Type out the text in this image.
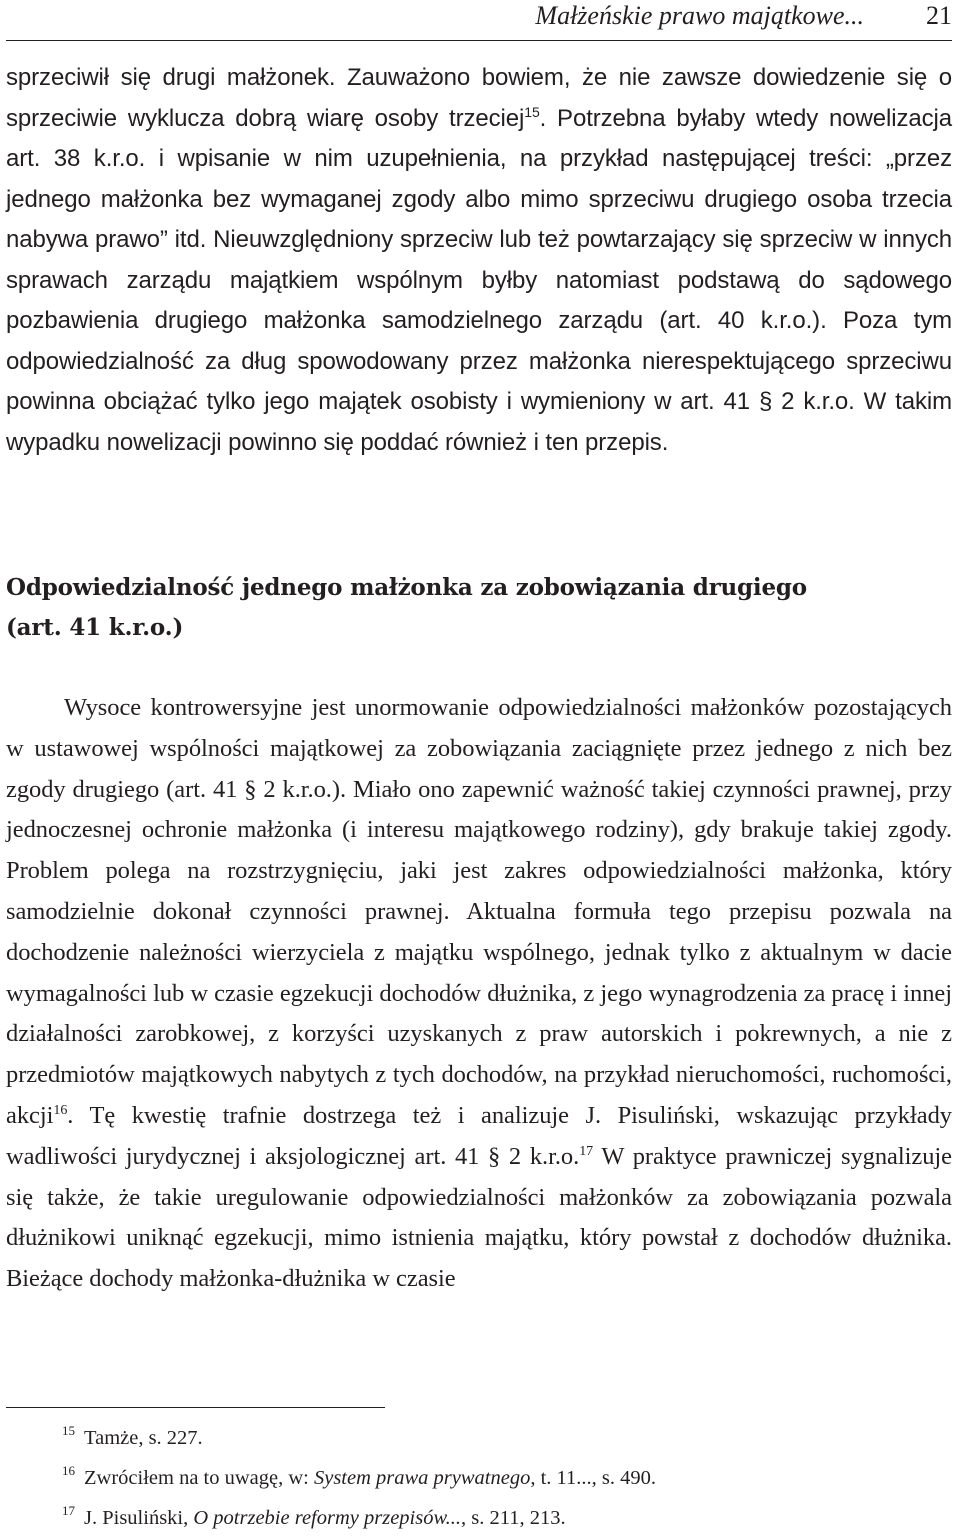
Małżeńskie prawo majątkowe... 21
sprzeciwił się drugi małżonek. Zauważono bowiem, że nie zawsze dowiedzenie się o sprzeciwie wyklucza dobrą wiarę osoby trzeciej$^{15}$. Potrzebna byłaby wtedy nowelizacja art. 38 k.r.o. i wpisanie w nim uzupełnienia, na przykład następującej treści: „przez jednego małżonka bez wymaganej zgody albo mimo sprzeciwu drugiego osoba trzecia nabywa prawo” itd. Nieuwzględniony sprzeciw lub też powtarzający się sprzeciw w innych sprawach zarządu majątkiem wspólnym byłby natomiast podstawą do sądowego pozbawienia drugiego małżonka samodzielnego zarządu (art. 40 k.r.o.). Poza tym odpowiedzialność za dług spowodowany przez małżonka nierespektującego sprzeciwu powinna obciążać tylko jego majątek osobisty i wymieniony w art. 41 § 2 k.r.o. W takim wypadku nowelizacji powinno się poddać również i ten przepis.
Odpowiedzialność jednego małżonka za zobowiązania drugiego
(art. 41 k.r.o.)
Wysoce kontrowersyjne jest unormowanie odpowiedzialności małżonków pozostających w ustawowej wspólności majątkowej za zobowiązania zaciągnięte przez jednego z nich bez zgody drugiego (art. 41 § 2 k.r.o.). Miało ono zapewnić ważność takiej czynności prawnej, przy jednoczesnej ochronie małżonka (i interesu majątkowego rodziny), gdy brakuje takiej zgody. Problem polega na rozstrzygnięciu, jaki jest zakres odpowiedzialności małżonka, który samodzielnie dokonał czynności prawnej. Aktualna formuła tego przepisu pozwala na dochodzenie należności wierzyciela z majątku wspólnego, jednak tylko z aktualnym w dacie wymagalności lub w czasie egzekucji dochodów dłużnika, z jego wynagrodzenia za pracę i innej działalności zarobkowej, z korzyści uzyskanych z praw autorskich i pokrewnych, a nie z przedmiotów majątkowych nabytych z tych dochodów, na przykład nieruchomości, ruchomości, akcji$^{16}$. Tę kwestię trafnie dostrzega też i analizuje J. Pisuliński, wskazując przykłady wadliwości jurydycznej i aksjologicznej art. 41 § 2 k.r.o.$^{17}$ W praktyce prawniczej sygnalizuje się także, że takie uregulowanie odpowiedzialności małżonków za zobowiązania pozwala dłużnikowi uniknąć egzekucji, mimo istnienia majątku, który powstał z dochodów dłużnika. Bieżące dochody małżonka-dłużnika w czasie
$^{15}$ Tamże, s. 227.
$^{16}$ Zwróciłem na to uwagę, w: System prawa prywatnego, t. 11..., s. 490.
$^{17}$ J. Pisuliński, O potrzebie reformy przepisów..., s. 211, 213.
